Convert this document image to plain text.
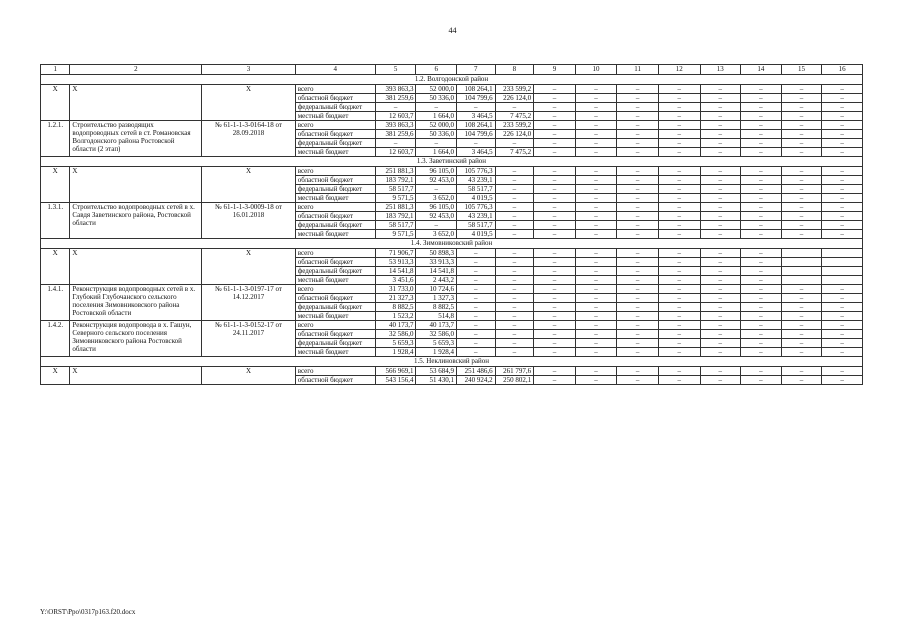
44
1	2	3	4	5	6	7	8	9	10	11	12	13	14	15	16
1.2. Волгодонской район															
Х	Х	Х	всего	393 863,3	52 000,0	108 264,1	233 599,2	–	–	–	–	–	–	–	–
			областной бюджет	381 259,6	50 336,0	104 799,6	226 124,0	–	–	–	–	–	–	–	–
			федеральный бюджет	–	–	–	–	–	–	–	–	–	–	–	–
			местный бюджет	12 603,7	1 664,0	3 464,5	7 475,2	–	–	–	–	–	–	–	–
1.2.1.	Строительство разводящих водопроводных сетей в ст. Романовская Волгодонского района Ростовской области (2 этап)	№ 61-1-1-3-0164-18 от 28.09.2018	всего	393 863,3	52 000,0	108 264,1	233 599,2	–	–	–	–	–	–	–	–
			областной бюджет	381 259,6	50 336,0	104 799,6	226 124,0	–	–	–	–	–	–	–	–
			федеральный бюджет	–	–	–	–	–	–	–	–	–	–	–	–
			местный бюджет	12 603,7	1 664,0	3 464,5	7 475,2	–	–	–	–	–	–	–	–
1.3. Заветинский район															
Х	Х	Х	всего	251 881,3	96 105,0	105 776,3	–	–	–	–	–	–	–	–	–
			областной бюджет	183 792,1	92 453,0	43 239,1	–	–	–	–	–	–	–	–	–
			федеральный бюджет	58 517,7	–	58 517,7	–	–	–	–	–	–	–	–	–
			местный бюджет	9 571,5	3 652,0	4 019,5	–	–	–	–	–	–	–	–	–
1.3.1.	Строительство водопроводных сетей в х. Савдя Заветинского района, Ростовской области	№ 61-1-1-3-0009-18 от 16.01.2018	всего	251 881,3	96 105,0	105 776,3	–	–	–	–	–	–	–	–	–
			областной бюджет	183 792,1	92 453,0	43 239,1	–	–	–	–	–	–	–	–	–
			федеральный бюджет	58 517,7	–	58 517,7	–	–	–	–	–	–	–	–	–
			местный бюджет	9 571,5	3 652,0	4 019,5	–	–	–	–	–	–	–	–	–
1.4. Зимовниковский район															
Х	Х	Х	всего	71 906,7	50 898,3	–	–	–	–	–	–	–	–		
			областной бюджет	53 913,3	33 913,3	–	–	–	–	–	–	–	–		
			федеральный бюджет	14 541,8	14 541,8	–	–	–	–	–	–	–	–		
			местный бюджет	3 451,6	2 443,2	–	–	–	–	–	–	–	–		
1.4.1.	Реконструкция водопроводных сетей в х. Глубокий Глубочанского сельского поселения Зимовниковского района Ростовской области	№ 61-1-1-3-0197-17 от 14.12.2017	всего	31 733,0	10 724,6	–	–	–	–	–	–	–	–	–	–
			областной бюджет	21 327,3	1 327,3	–	–	–	–	–	–	–	–	–	–
			федеральный бюджет	8 882,5	8 882,5	–	–	–	–	–	–	–	–	–	–
			местный бюджет	1 523,2	514,8	–	–	–	–	–	–	–	–	–	–
1.4.2.	Реконструкция водопровода в х. Гашун, Северного сельского поселения Зимовниковского района Ростовской области	№ 61-1-1-3-0152-17 от 24.11.2017	всего	40 173,7	40 173,7	–	–	–	–	–	–	–	–	–	–
			областной бюджет	32 586,0	32 586,0	–	–	–	–	–	–	–	–	–	–
			федеральный бюджет	5 659,3	5 659,3	–	–	–	–	–	–	–	–	–	–
			местный бюджет	1 928,4	1 928,4	–	–	–	–	–	–	–	–	–	–
1.5. Неклиновский район															
Х	Х	Х	всего	566 969,1	53 684,9	251 486,6	261 797,6	–	–	–	–	–	–	–	–
			областной бюджет	543 156,4	51 430,1	240 924,2	250 802,1	–	–	–	–	–	–	–	–
Y:\ORST\Ppo\0317p163.f20.docx
